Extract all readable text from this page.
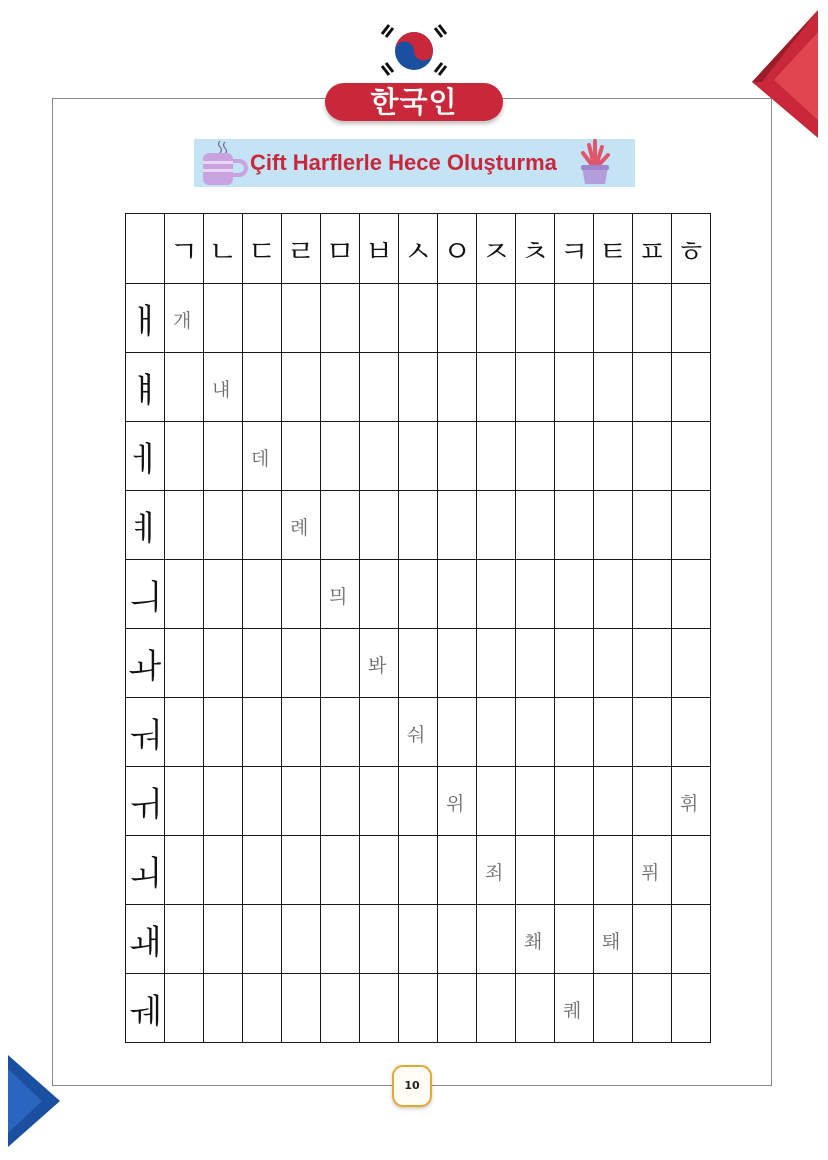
한국인
Çift Harflerle Hece Oluşturma
	ㄱ	ㄴ	ㄷ	ㄹ	ㅁ	ㅂ	ㅅ	ㅇ	ㅈ	ㅊ	ㅋ	ㅌ	ㅍ	ㅎ
ㅐ	개													

ㅒ		냬												

ㅔ			데											

ㅖ				례										

ㅢ					믜									

ㅘ						봐								

ㅝ							숴							

ㅟ								위						휘

ㅚ									죄				퓌	

ㅙ										쵀		퇘		

ㅞ											퀘			

10
